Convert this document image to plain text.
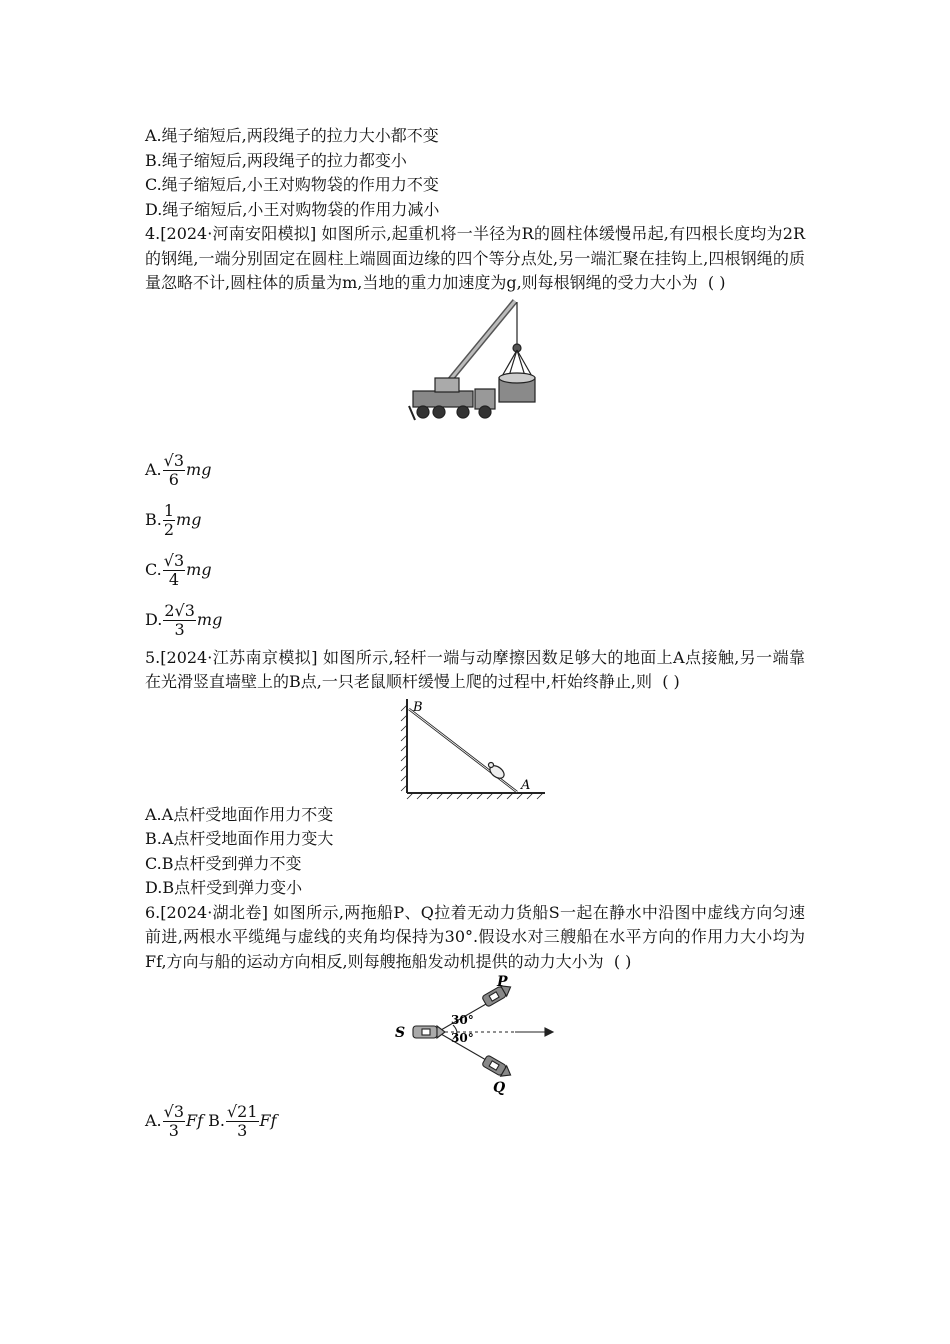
A.绳子缩短后,两段绳子的拉力大小都不变
B.绳子缩短后,两段绳子的拉力都变小
C.绳子缩短后,小王对购物袋的作用力不变
D.绳子缩短后,小王对购物袋的作用力减小
4.[2024·河南安阳模拟] 如图所示,起重机将一半径为R的圆柱体缓慢吊起,有四根长度均为2R的钢绳,一端分别固定在圆柱上端圆面边缘的四个等分点处,另一端汇聚在挂钩上,四根钢绳的质量忽略不计,圆柱体的质量为m,当地的重力加速度为g,则每根钢绳的受力大小为 ( )
A. $\frac{√3}{6}$ mg
B. $\frac{1}{2}$ mg
C. $\frac{√3}{4}$ mg
D. $\frac{2√3}{3}$ mg
5.[2024·江苏南京模拟] 如图所示,轻杆一端与动摩擦因数足够大的地面上A点接触,另一端靠在光滑竖直墙壁上的B点,一只老鼠顺杆缓慢上爬的过程中,杆始终静止,则 ( )
B
A
A.A点杆受地面作用力不变
B.A点杆受地面作用力变大
C.B点杆受到弹力不变
D.B点杆受到弹力变小
6.[2024·湖北卷] 如图所示,两拖船P、Q拉着无动力货船S一起在静水中沿图中虚线方向匀速前进,两根水平缆绳与虚线的夹角均保持为30°.假设水对三艘船在水平方向的作用力大小均为Ff,方向与船的运动方向相反,则每艘拖船发动机提供的动力大小为 ( )
S
P
Q
30°
30°
A. $\frac{√3}{3}$ Ff
B. $\frac{√21}{3}$ Ff
